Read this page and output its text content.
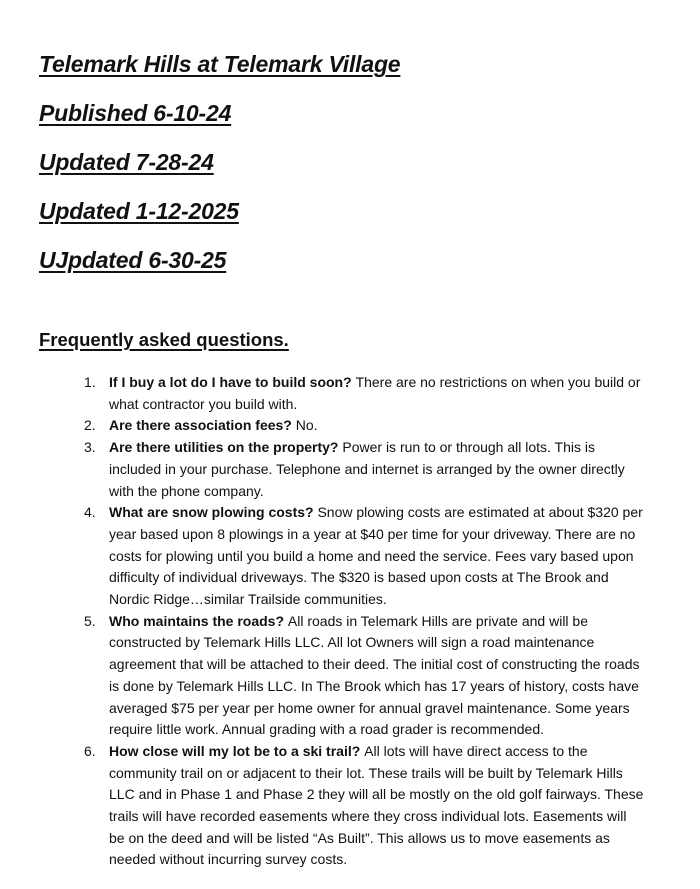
Telemark Hills at Telemark Village
Published 6-10-24
Updated 7-28-24
Updated 1-12-2025
UJpdated 6-30-25
Frequently asked questions.
1. If I buy a lot do I have to build soon? There are no restrictions on when you build or what contractor you build with.
2. Are there association fees? No.
3. Are there utilities on the property? Power is run to or through all lots. This is included in your purchase. Telephone and internet is arranged by the owner directly with the phone company.
4. What are snow plowing costs? Snow plowing costs are estimated at about $320 per year based upon 8 plowings in a year at $40 per time for your driveway. There are no costs for plowing until you build a home and need the service. Fees vary based upon difficulty of individual driveways. The $320 is based upon costs at The Brook and Nordic Ridge…similar Trailside communities.
5. Who maintains the roads? All roads in Telemark Hills are private and will be constructed by Telemark Hills LLC. All lot Owners will sign a road maintenance agreement that will be attached to their deed. The initial cost of constructing the roads is done by Telemark Hills LLC. In The Brook which has 17 years of history, costs have averaged $75 per year per home owner for annual gravel maintenance. Some years require little work. Annual grading with a road grader is recommended.
6. How close will my lot be to a ski trail? All lots will have direct access to the community trail on or adjacent to their lot. These trails will be built by Telemark Hills LLC and in Phase 1 and Phase 2 they will all be mostly on the old golf fairways. These trails will have recorded easements where they cross individual lots. Easements will be on the deed and will be listed “As Built”. This allows us to move easements as needed without incurring survey costs.
